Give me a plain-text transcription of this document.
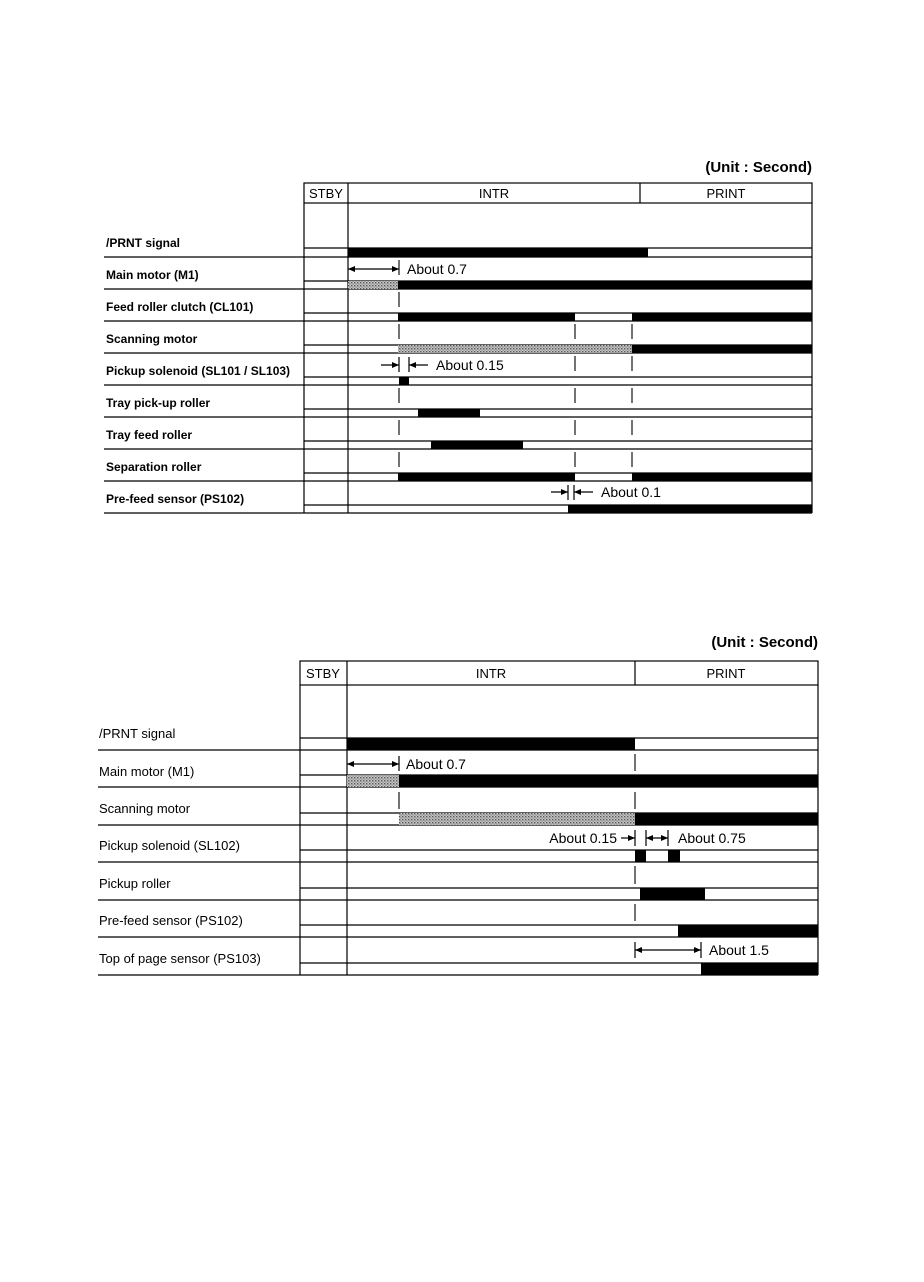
(Unit : Second)
STBY	INTR	PRINT
/PRNT signal
Main motor (M1)
Feed roller clutch (CL101)
Scanning motor
Pickup solenoid (SL101 / SL103)
Tray pick-up roller
Tray feed roller
Separation roller
Pre-feed sensor (PS102)
About 0.7
About 0.15
About 0.1
(Unit : Second)
STBY	INTR	PRINT
/PRNT signal
Main motor (M1)
Scanning motor
Pickup solenoid (SL102)
Pickup roller
Pre-feed sensor (PS102)
Top of page sensor (PS103)
About 0.7
About 0.15	About 0.75
About 1.5
